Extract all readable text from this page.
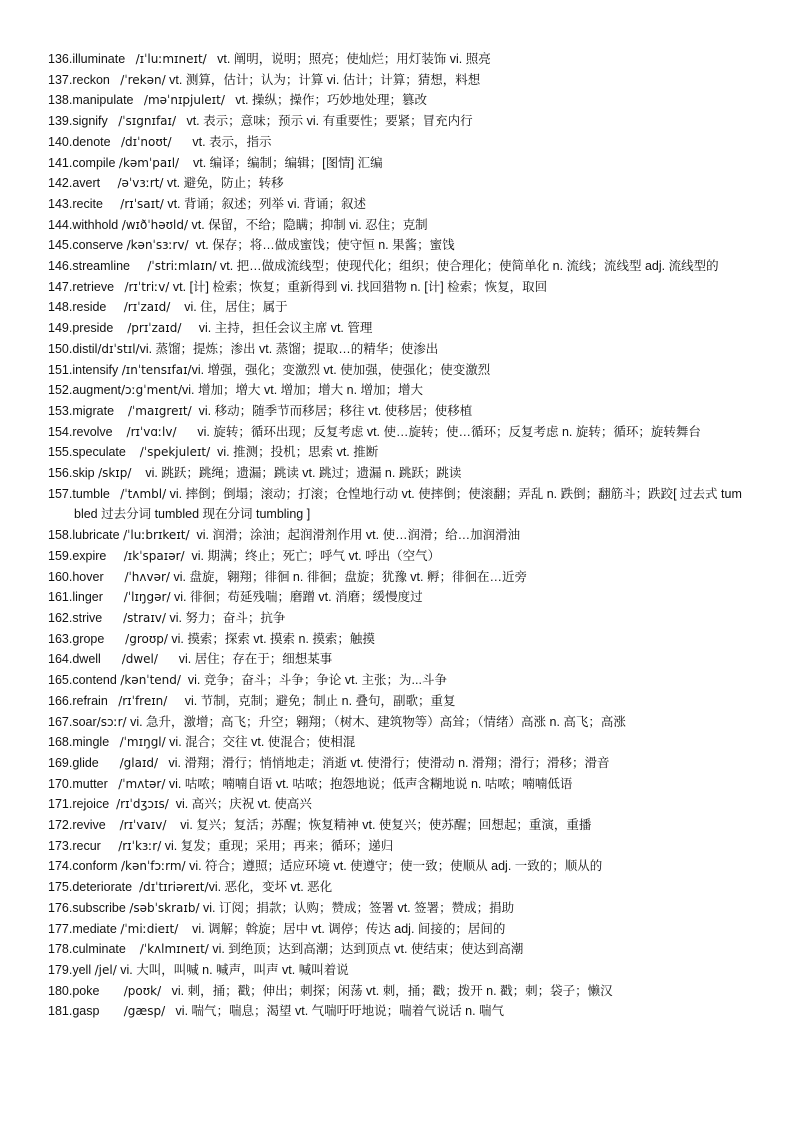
136.illuminate /ɪˈluːmɪneɪt/ vt. 阐明，说明；照亮；使灿烂；用灯装饰 vi. 照亮
137.reckon /ˈrekən/ vt. 测算，估计；认为；计算 vi. 估计；计算；猜想，料想
138.manipulate /məˈnɪpjuleɪt/ vt. 操纵；操作；巧妙地处理；篡改
139.signify /ˈsɪgnɪfaɪ/ vt. 表示；意味；预示 vi. 有重要性；要紧；冒充内行
140.denote /dɪˈnoʊt/ vt. 表示，指示
141.compile /kəmˈpaɪl/ vt. 编译；编制；编辑；[图情] 汇编
142.avert /əˈvɜːrt/ vt. 避免，防止；转移
143.recite /rɪˈsaɪt/ vt. 背诵；叙述；列举 vi. 背诵；叙述
144.withhold /wɪðˈhəʊld/ vt. 保留，不给；隐瞒；抑制 vi. 忍住；克制
145.conserve /kənˈsɜːrv/ vt. 保存；将…做成蜜饯；使守恒 n. 果酱；蜜饯
146.streamline /ˈstriːmlaɪn/ vt. 把…做成流线型；使现代化；组织；使合理化；使简单化 n. 流线；流线型 adj. 流线型的
147.retrieve /rɪˈtriːv/ vt. [计] 检索；恢复；重新得到 vi. 找回猎物 n. [计] 检索；恢复，取回
148.reside /rɪˈzaɪd/ vi. 住，居住；属于
149.preside /prɪˈzaɪd/ vi. 主持，担任会议主席 vt. 管理
150.distil/dɪˈstɪl/vi. 蒸馏；提炼；渗出 vt. 蒸馏；提取…的精华；使渗出
151.intensify /ɪnˈtensɪfaɪ/vi. 增强，强化；变激烈 vt. 使加强，使强化；使变激烈
152.augment/ɔːgˈment/vi. 增加；增大 vt. 增加；增大 n. 增加；增大
153.migrate /ˈmaɪgreɪt/ vi. 移动；随季节而移居；移往 vt. 使移居；使移植
154.revolve /rɪˈvɑːlv/ vi. 旋转；循环出现；反复考虑 vt. 使…旋转；使…循环；反复考虑 n. 旋转；循环；旋转舞台
155.speculate /ˈspekjuleɪt/ vi. 推测；投机；思索 vt. 推断
156.skip /skɪp/ vi. 跳跃；跳绳；遗漏；跳读 vt. 跳过；遗漏 n. 跳跃；跳读
157.tumble /ˈtʌmbl/ vi. 摔倒；倒塌；滚动；打滚；仓惶地行动 vt. 使摔倒；使滚翻；弄乱 n. 跌倒；翻筋斗；跌跤[ 过去式 tumbled 过去分词 tumbled 现在分词 tumbling ]
158.lubricate /ˈluːbrɪkeɪt/ vi. 润滑；涂油；起润滑剂作用 vt. 使…润滑；给…加润滑油
159.expire /ɪkˈspaɪər/ vi. 期满；终止；死亡；呼气 vt. 呼出（空气）
160.hover /ˈhʌvər/ vi. 盘旋，翱翔；徘徊 n. 徘徊；盘旋；犹豫 vt. 孵；徘徊在…近旁
161.linger /ˈlɪŋgər/ vi. 徘徊；苟延残喘；磨蹭 vt. 消磨；缓慢度过
162.strive /straɪv/ vi. 努力；奋斗；抗争
163.grope /groʊp/ vi. 摸索；探索 vt. 摸索 n. 摸索；触摸
164.dwell /dwel/ vi. 居住；存在于；细想某事
165.contend /kənˈtend/ vi. 竞争；奋斗；斗争；争论 vt. 主张；为...斗争
166.refrain /rɪˈfreɪn/ vi. 节制，克制；避免；制止 n. 叠句，副歌；重复
167.soar/sɔːr/ vi. 急升，激增；高飞；升空；翱翔；（树木、建筑物等）高耸；（情绪）高涨 n. 高飞；高涨
168.mingle /ˈmɪŋgl/ vi. 混合；交往 vt. 使混合；使相混
169.glide /glaɪd/ vi. 滑翔；滑行；悄悄地走；消逝 vt. 使滑行；使滑动 n. 滑翔；滑行；滑移；滑音
170.mutter /ˈmʌtər/ vi. 咕哝；喃喃自语 vt. 咕哝；抱怨地说；低声含糊地说 n. 咕哝；喃喃低语
171.rejoice /rɪˈdʒɔɪs/ vi. 高兴；庆祝 vt. 使高兴
172.revive /rɪˈvaɪv/ vi. 复兴；复活；苏醒；恢复精神 vt. 使复兴；使苏醒；回想起；重演，重播
173.recur /rɪˈkɜːr/ vi. 复发；重现；采用；再来；循环；递归
174.conform /kənˈfɔːrm/ vi. 符合；遵照；适应环境 vt. 使遵守；使一致；使顺从 adj. 一致的；顺从的
175.deteriorate /dɪˈtɪriəreɪt/vi. 恶化，变坏 vt. 恶化
176.subscribe /səbˈskraɪb/ vi. 订阅；捐款；认购；赞成；签署 vt. 签署；赞成；捐助
177.mediate /ˈmiːdieɪt/ vi. 调解；斡旋；居中 vt. 调停；传达 adj. 间接的；居间的
178.culminate /ˈkʌlmɪneɪt/ vi. 到绝顶；达到高潮；达到顶点 vt. 使结束；使达到高潮
179.yell /jel/ vi. 大叫，叫喊 n. 喊声，叫声 vt. 喊叫着说
180.poke /poʊk/ vi. 刺，捅；戳；伸出；刺探；闲荡 vt. 刺，捅；戳；拨开 n. 戳；刺；袋子；懒汉
181.gasp /gæsp/ vi. 喘气；喘息；渴望 vt. 气喘吁吁地说；喘着气说话 n. 喘气
